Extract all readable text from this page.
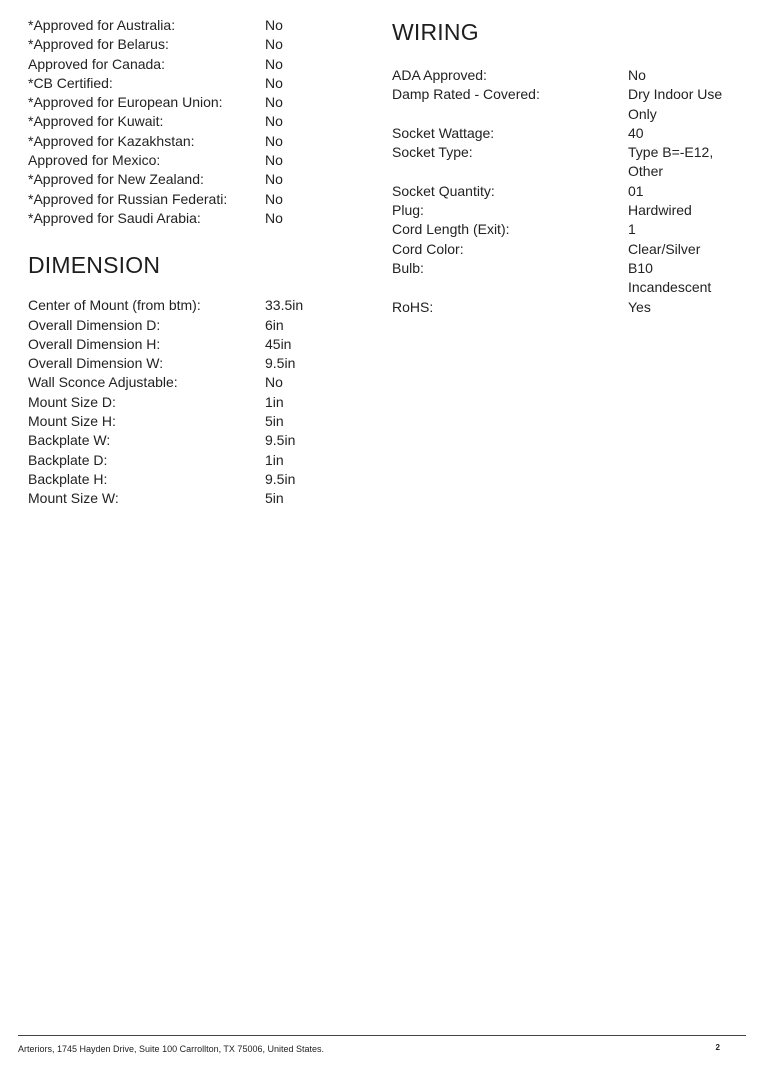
*Approved for Australia:	No
*Approved for Belarus:	No
Approved for Canada:	No
*CB Certified:	No
*Approved for European Union:	No
*Approved for Kuwait:	No
*Approved for Kazakhstan:	No
Approved for Mexico:	No
*Approved for New Zealand:	No
*Approved for Russian Federati:	No
*Approved for Saudi Arabia:	No
DIMENSION
Center of Mount (from btm):	33.5in
Overall Dimension D:	6in
Overall Dimension H:	45in
Overall Dimension W:	9.5in
Wall Sconce Adjustable:	No
Mount Size D:	1in
Mount Size H:	5in
Backplate W:	9.5in
Backplate D:	1in
Backplate H:	9.5in
Mount Size W:	5in
WIRING
ADA Approved:	No
Damp Rated - Covered:	Dry Indoor Use
Only
Socket Wattage:	40
Socket Type:	Type B=-E12,
Other
Socket Quantity:	01
Plug:	Hardwired
Cord Length (Exit):	1
Cord Color:	Clear/Silver
Bulb:	B10
Incandescent
RoHS:	Yes
Arteriors, 1745 Hayden Drive, Suite 100 Carrollton, TX 75006, United States.	2
